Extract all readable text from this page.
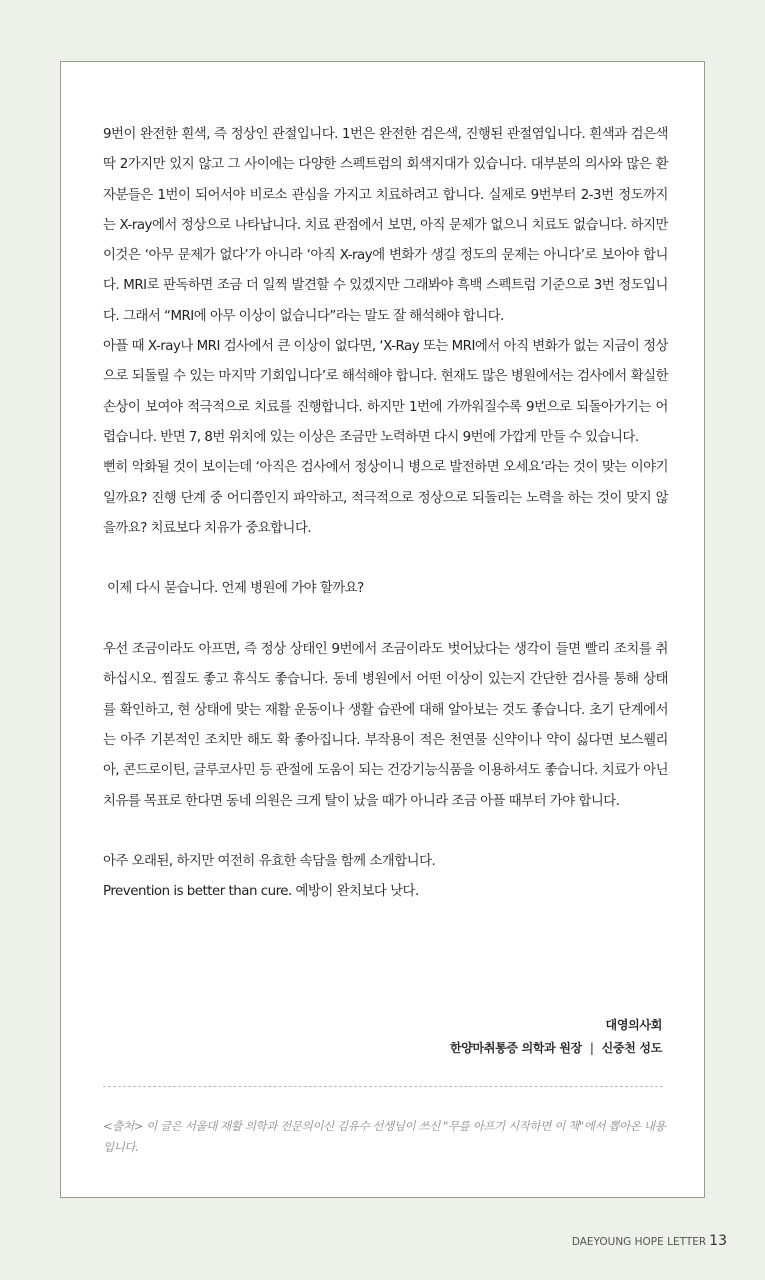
9번이 완전한 흰색, 즉 정상인 관절입니다. 1번은 완전한 검은색, 진행된 관절염입니다. 흰색과 검은색 딱 2가지만 있지 않고 그 사이에는 다양한 스펙트럼의 회색지대가 있습니다. 대부분의 의사와 많은 환자분들은 1번이 되어서야 비로소 관심을 가지고 치료하려고 합니다. 실제로 9번부터 2-3번 정도까지는 X-ray에서 정상으로 나타납니다. 치료 관점에서 보면, 아직 문제가 없으니 치료도 없습니다. 하지만 이것은 ‘아무 문제가 없다’가 아니라 ‘아직 X-ray에 변화가 생길 정도의 문제는 아니다’로 보아야 합니다. MRI로 판독하면 조금 더 일찍 발견할 수 있겠지만 그래봐야 흑백 스펙트럼 기준으로 3번 정도입니다. 그래서 “MRI에 아무 이상이 없습니다”라는 말도 잘 해석해야 합니다.

아플 때 X-ray나 MRI 검사에서 큰 이상이 없다면, ‘X-Ray 또는 MRI에서 아직 변화가 없는 지금이 정상으로 되돌릴 수 있는 마지막 기회입니다’로 해석해야 합니다. 현재도 많은 병원에서는 검사에서 확실한 손상이 보여야 적극적으로 치료를 진행합니다. 하지만 1번에 가까워질수록 9번으로 되돌아가기는 어렵습니다. 반면 7, 8번 위치에 있는 이상은 조금만 노력하면 다시 9번에 가깝게 만들 수 있습니다.

뻔히 악화될 것이 보이는데 ‘아직은 검사에서 정상이니 병으로 발전하면 오세요’라는 것이 맞는 이야기일까요? 진행 단계 중 어디쯤인지 파악하고, 적극적으로 정상으로 되돌리는 노력을 하는 것이 맞지 않을까요? 치료보다 치유가 중요합니다.

이제 다시 묻습니다. 언제 병원에 가야 할까요?

우선 조금이라도 아프면, 즉 정상 상태인 9번에서 조금이라도 벗어났다는 생각이 들면 빨리 조치를 취하십시오. 찜질도 좋고 휴식도 좋습니다. 동네 병원에서 어떤 이상이 있는지 간단한 검사를 통해 상태를 확인하고, 현 상태에 맞는 재활 운동이나 생활 습관에 대해 알아보는 것도 좋습니다. 초기 단계에서는 아주 기본적인 조치만 해도 확 좋아집니다. 부작용이 적은 천연물 신약이나 약이 싫다면 보스웰리아, 콘드로이틴, 글루코사민 등 관절에 도움이 되는 건강기능식품을 이용하셔도 좋습니다. 치료가 아닌 치유를 목표로 한다면 동네 의원은 크게 탈이 났을 때가 아니라 조금 아플 때부터 가야 합니다.

아주 오래된, 하지만 여전히 유효한 속담을 함께 소개합니다.

Prevention is better than cure. 예방이 완치보다 낫다.

대영의사회
한양마취통증 의학과 원장 | 신중천 성도
<출처> 이 글은 서울대 재활 의학과 전문의이신 김유수 선생님이 쓰신 "무릎 아프기 시작하면 이 책"에서 뽑아온 내용입니다.
DAEYOUNG HOPE LETTER 13
